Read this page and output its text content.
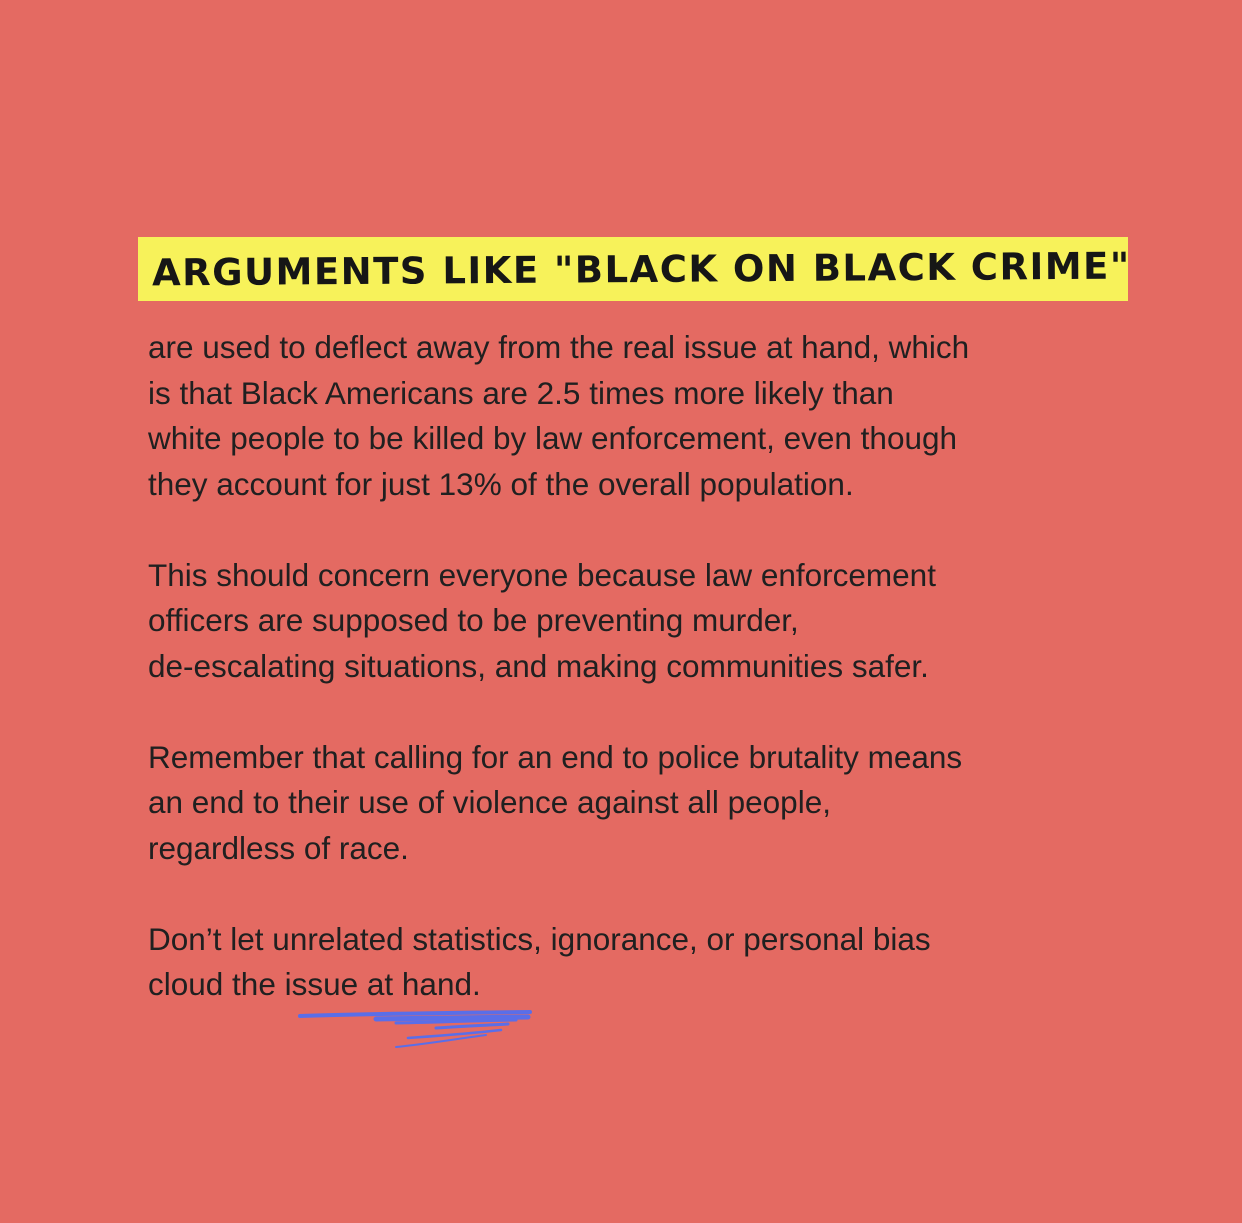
ARGUMENTS LIKE "BLACK ON BLACK CRIME"

are used to deflect away from the real issue at hand, which
is that Black Americans are 2.5 times more likely than
white people to be killed by law enforcement, even though
they account for just 13% of the overall population.

This should concern everyone because law enforcement
officers are supposed to be preventing murder,
de-escalating situations, and making communities safer.

Remember that calling for an end to police brutality means
an end to their use of violence against all people,
regardless of race.

Don’t let unrelated statistics, ignorance, or personal bias
cloud the issue at hand.
